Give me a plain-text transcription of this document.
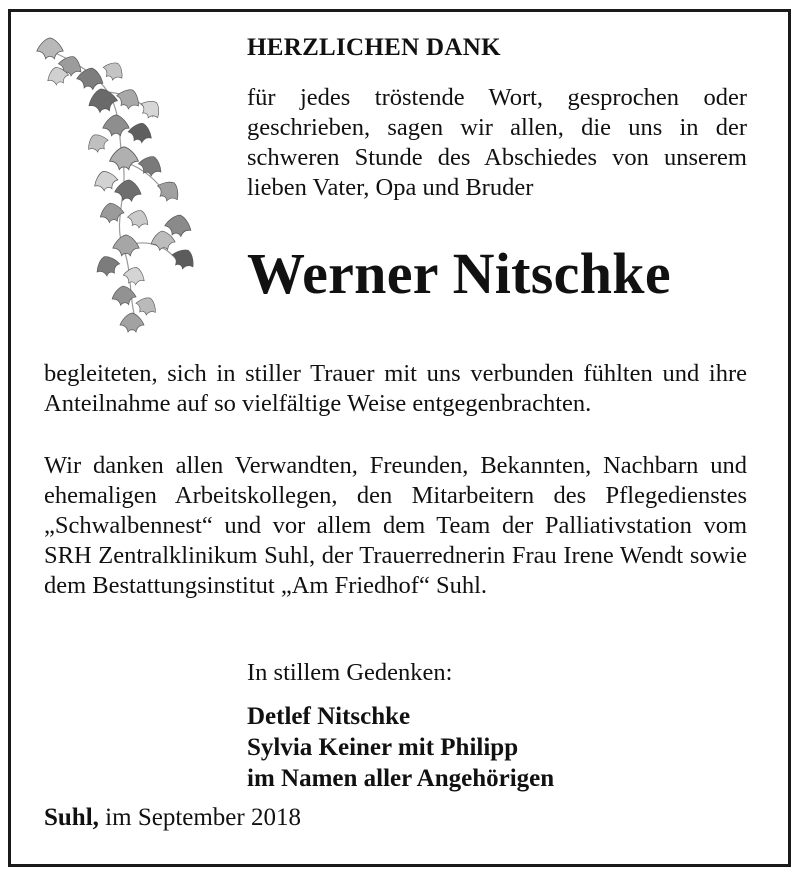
HERZLICHEN DANK
für jedes tröstende Wort, gesprochen oder geschrieben, sagen wir allen, die uns in der schweren Stunde des Abschiedes von unserem lieben Vater, Opa und Bruder
Werner Nitschke
begleiteten, sich in stiller Trauer mit uns verbunden fühlten und ihre Anteilnahme auf so vielfältige Weise entgegenbrachten.
Wir danken allen Verwandten, Freunden, Bekannten, Nachbarn und ehemaligen Arbeitskollegen, den Mitarbeitern des Pflegedienstes „Schwalbennest“ und vor allem dem Team der Palliativstation vom SRH Zentralklinikum Suhl, der Trauerrednerin Frau Irene Wendt sowie dem Bestattungsinstitut „Am Friedhof“ Suhl.
In stillem Gedenken:
Detlef Nitschke
Sylvia Keiner mit Philipp
im Namen aller Angehörigen
Suhl, im September 2018
